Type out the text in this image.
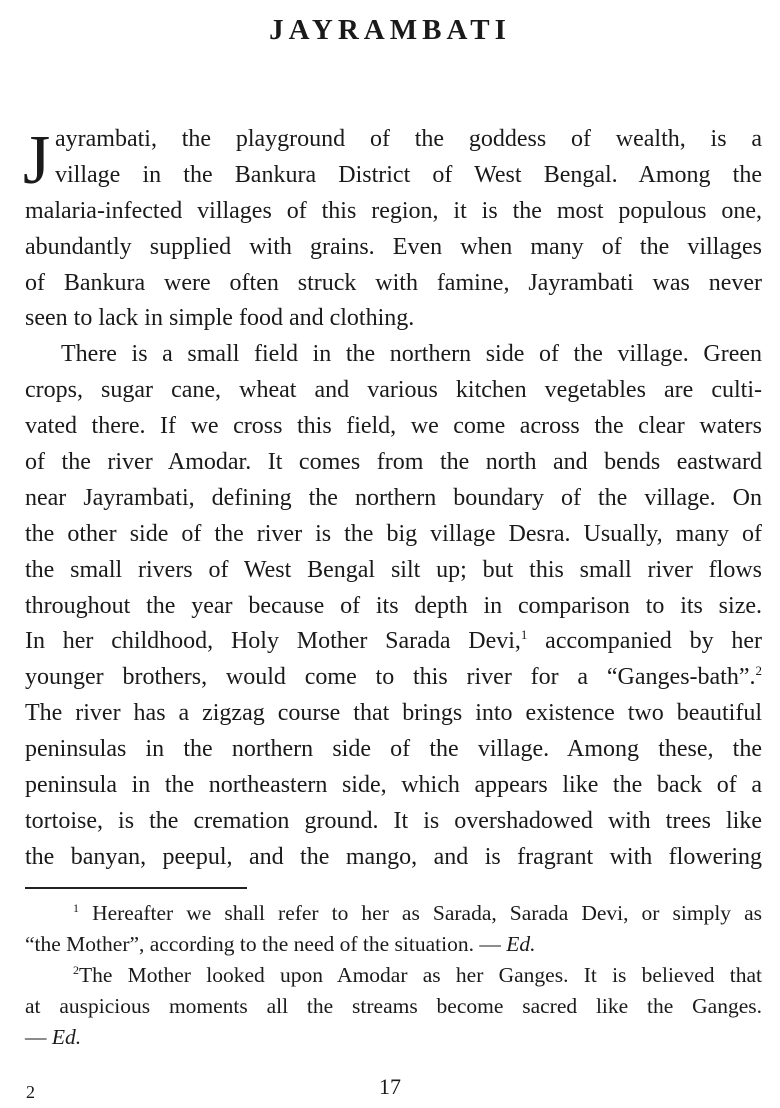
JAYRAMBATI
J ayrambati, the playground of the goddess of wealth, is a
village in the Bankura District of West Bengal. Among the
malaria-infected villages of this region, it is the most populous one,
abundantly supplied with grains. Even when many of the villages
of Bankura were often struck with famine, Jayrambati was never
seen to lack in simple food and clothing.
There is a small field in the northern side of the village. Green
crops, sugar cane, wheat and various kitchen vegetables are culti-
vated there. If we cross this field, we come across the clear waters
of the river Amodar. It comes from the north and bends eastward
near Jayrambati, defining the northern boundary of the village. On
the other side of the river is the big village Desra. Usually, many of
the small rivers of West Bengal silt up; but this small river flows
throughout the year because of its depth in comparison to its size.
In her childhood, Holy Mother Sarada Devi,$^1$ accompanied by her
younger brothers, would come to this river for a “Ganges-bath”.$^2$
The river has a zigzag course that brings into existence two beautiful
peninsulas in the northern side of the village. Among these, the
peninsula in the northeastern side, which appears like the back of a
tortoise, is the cremation ground. It is overshadowed with trees like
the banyan, peepul, and the mango, and is fragrant with flowering
$^1$ Hereafter we shall refer to her as Sarada, Sarada Devi, or simply as
“the Mother”, according to the need of the situation. — Ed.
$^2$The Mother looked upon Amodar as her Ganges. It is believed that
at auspicious moments all the streams become sacred like the Ganges.
— Ed.
2	17
